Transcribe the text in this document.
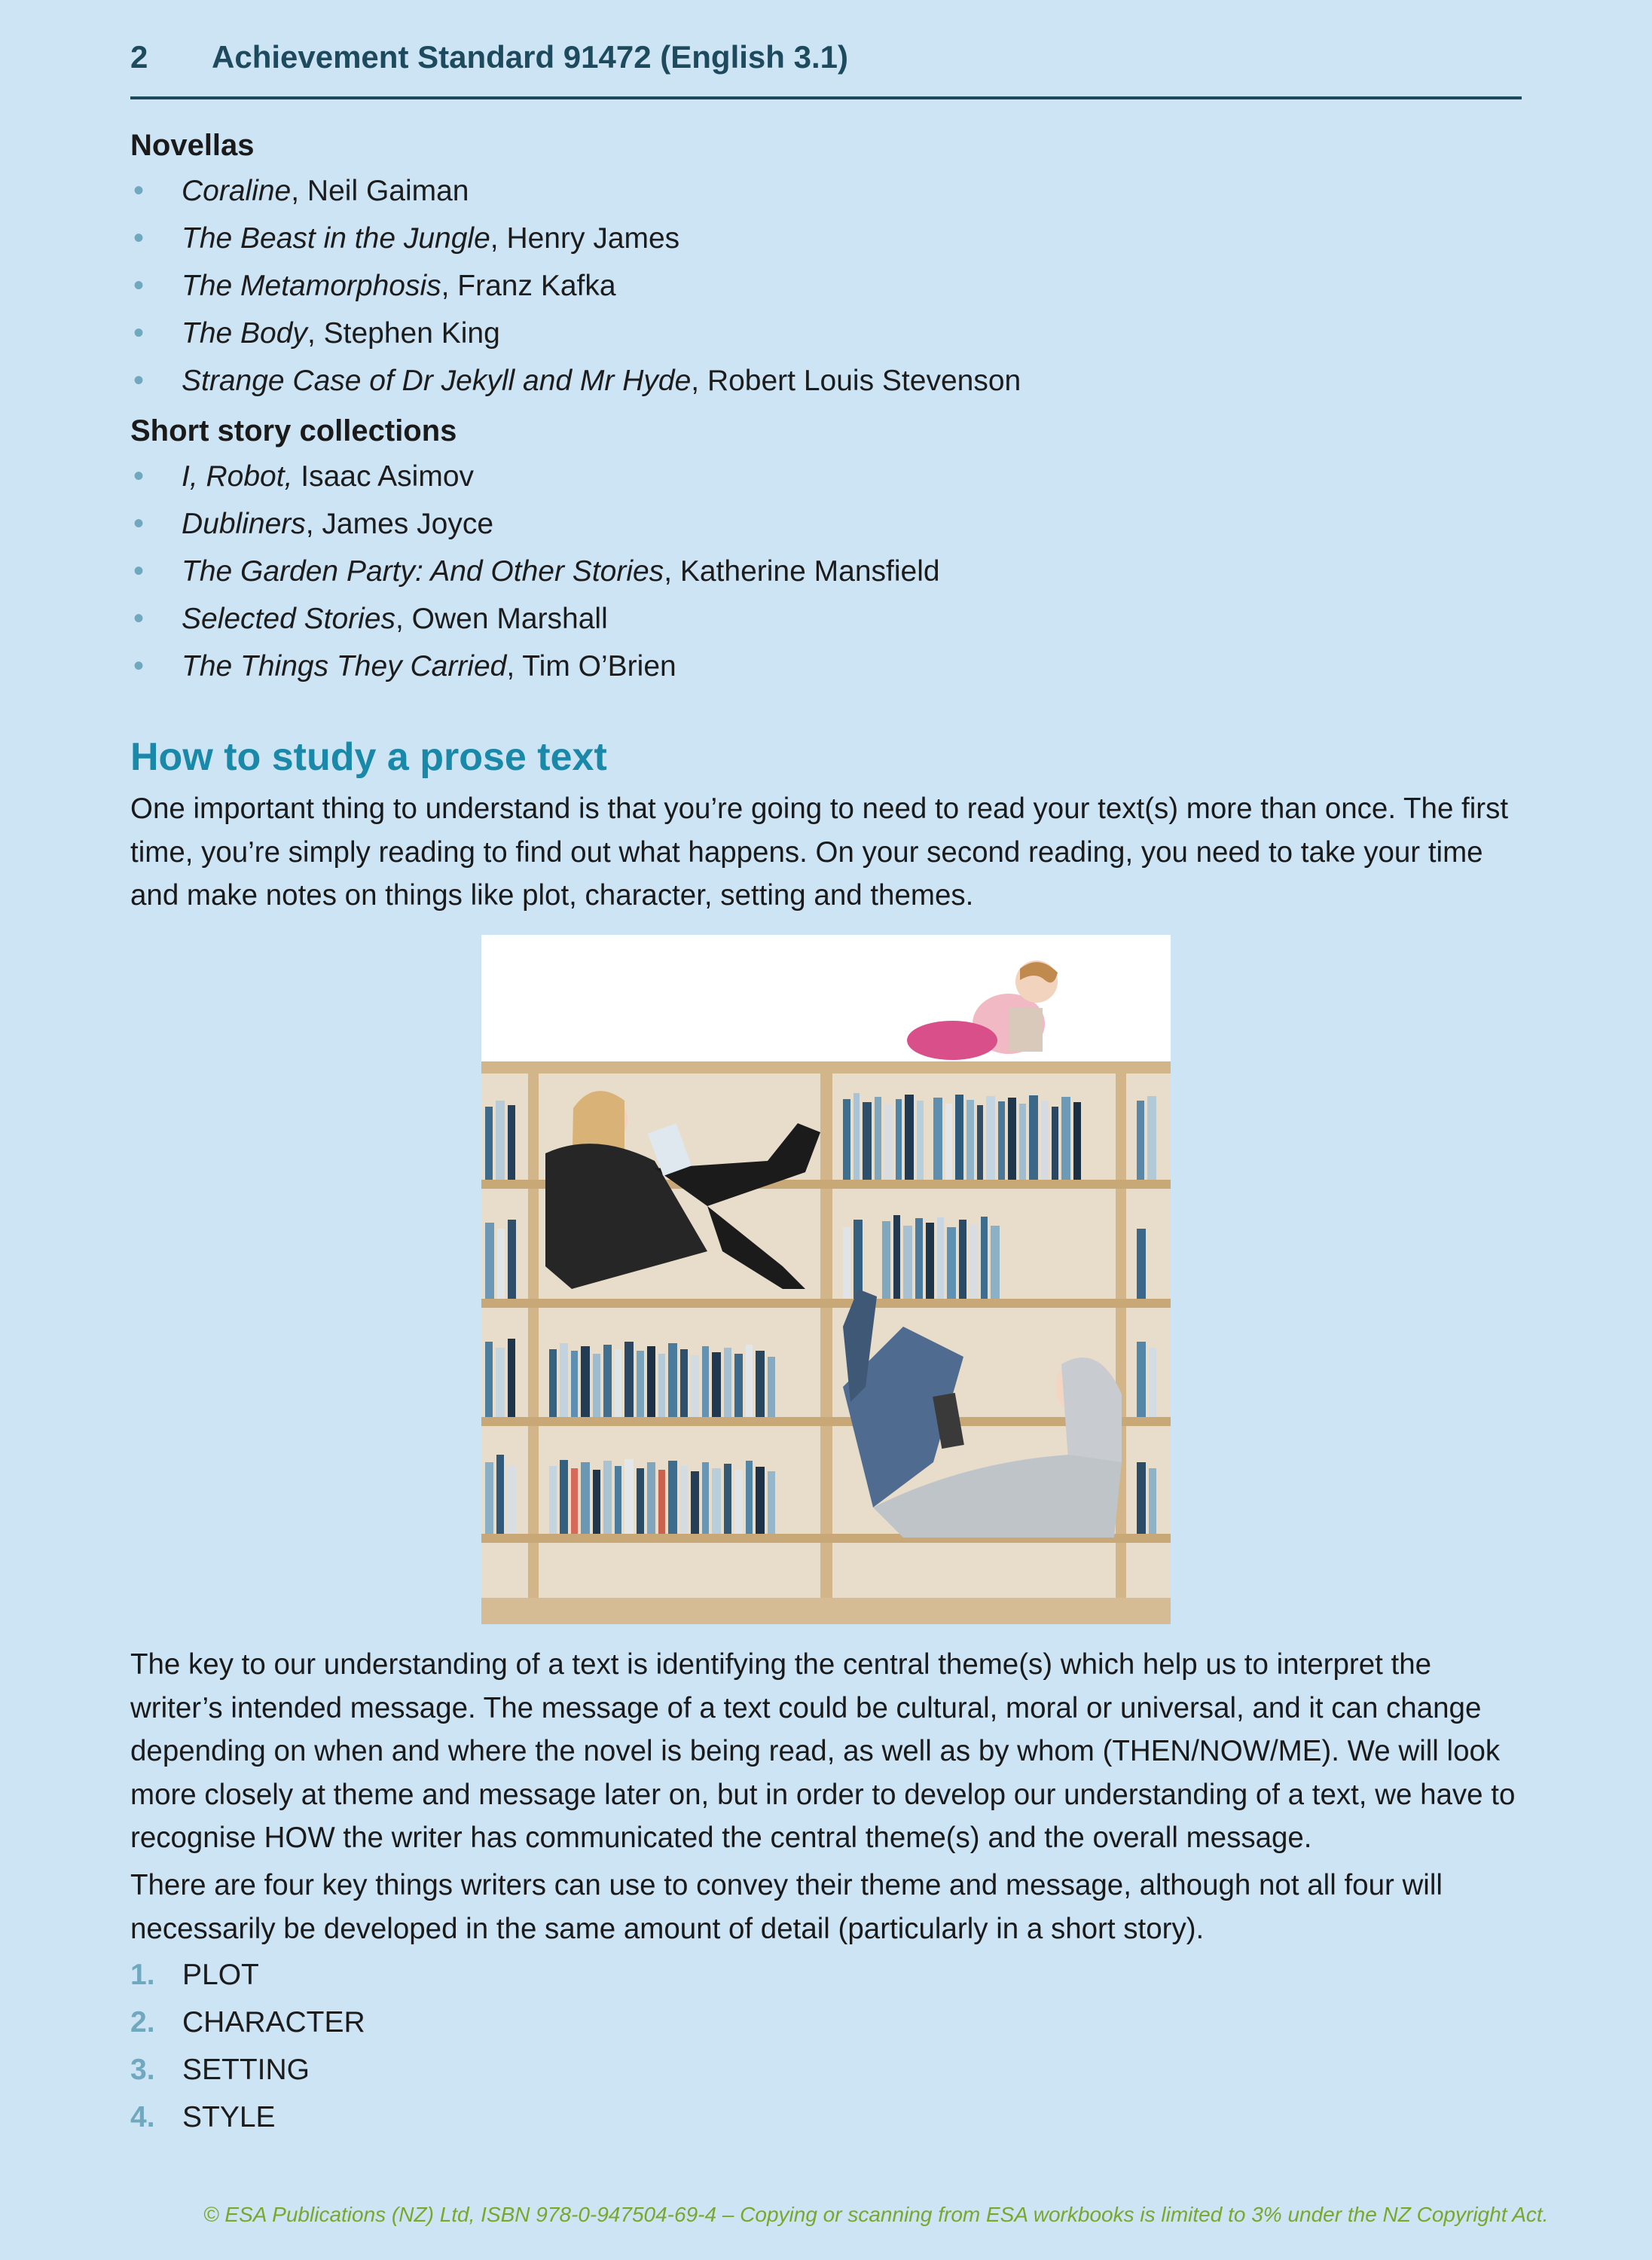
2 Achievement Standard 91472 (English 3.1)
Novellas
• Coraline, Neil Gaiman
• The Beast in the Jungle, Henry James
• The Metamorphosis, Franz Kafka
• The Body, Stephen King
• Strange Case of Dr Jekyll and Mr Hyde, Robert Louis Stevenson
Short story collections
• I, Robot, Isaac Asimov
• Dubliners, James Joyce
• The Garden Party: And Other Stories, Katherine Mansfield
• Selected Stories, Owen Marshall
• The Things They Carried, Tim O’Brien
How to study a prose text
One important thing to understand is that you’re going to need to read your text(s) more than once. The first time, you’re simply reading to find out what happens. On your second reading, you need to take your time and make notes on things like plot, character, setting and themes.
The key to our understanding of a text is identifying the central theme(s) which help us to interpret the writer’s intended message. The message of a text could be cultural, moral or universal, and it can change depending on when and where the novel is being read, as well as by whom (THEN/NOW/ME). We will look more closely at theme and message later on, but in order to develop our understanding of a text, we have to recognise HOW the writer has communicated the central theme(s) and the overall message.
There are four key things writers can use to convey their theme and message, although not all four will necessarily be developed in the same amount of detail (particularly in a short story).
1. PLOT
2. CHARACTER
3. SETTING
4. STYLE
© ESA Publications (NZ) Ltd, ISBN 978-0-947504-69-4 – Copying or scanning from ESA workbooks is limited to 3% under the NZ Copyright Act.
